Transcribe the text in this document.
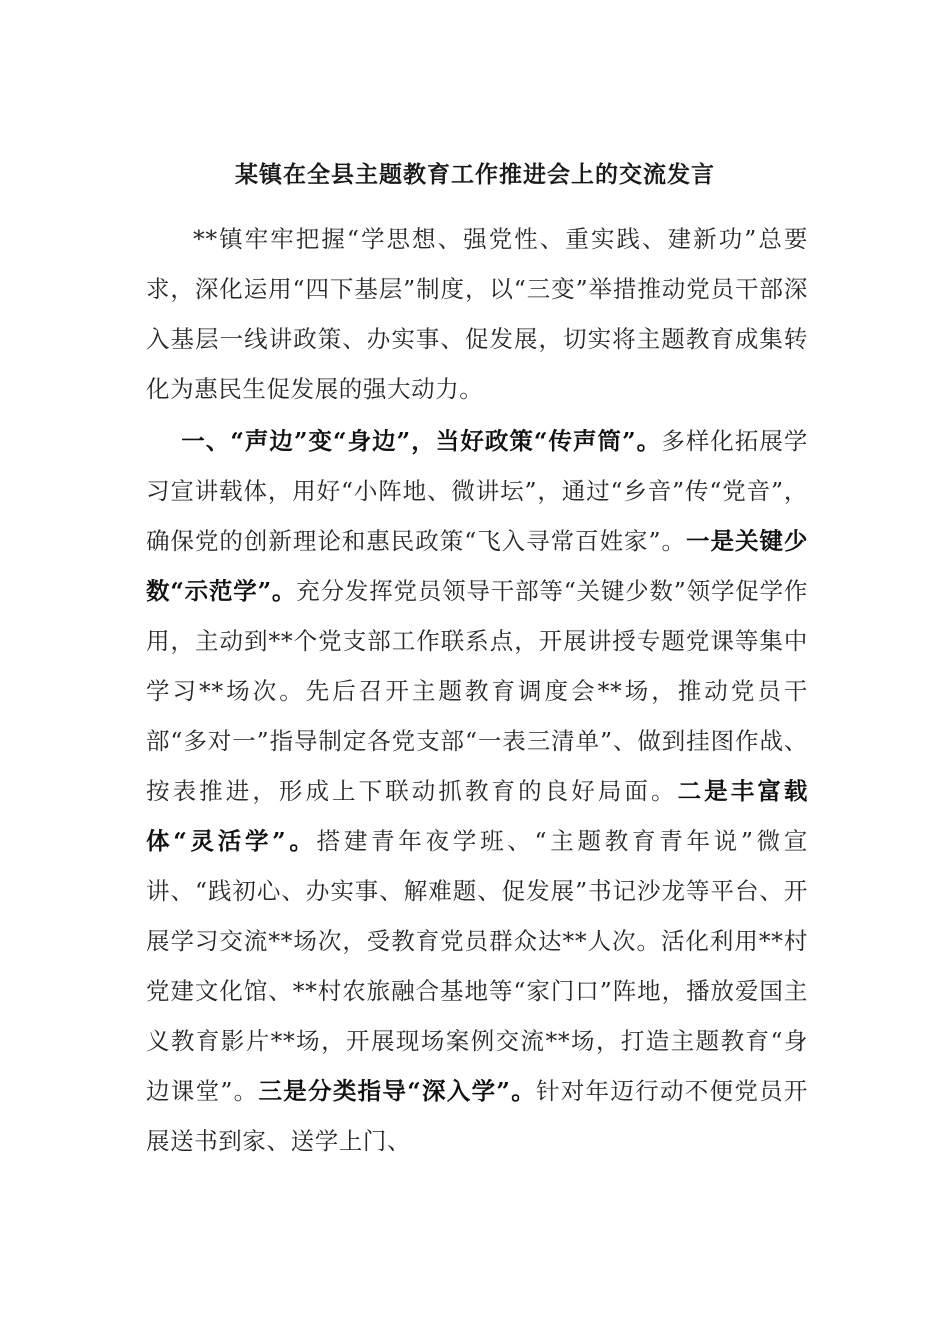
某镇在全县主题教育工作推进会上的交流发言

**镇牢牢把握“学思想、强党性、重实践、建新功”总要求，深化运用“四下基层”制度，以“三变”举措推动党员干部深入基层一线讲政策、办实事、促发展，切实将主题教育成集转化为惠民生促发展的强大动力。

一、“声边”变“身边”，当好政策“传声筒”。多样化拓展学习宣讲载体，用好“小阵地、微讲坛”，通过“乡音”传“党音”，确保党的创新理论和惠民政策“飞入寻常百姓家”。一是关键少数“示范学”。充分发挥党员领导干部等“关键少数”领学促学作用，主动到**个党支部工作联系点，开展讲授专题党课等集中学习**场次。先后召开主题教育调度会**场，推动党员干部“多对一”指导制定各党支部“一表三清单”、做到挂图作战、按表推进，形成上下联动抓教育的良好局面。二是丰富载体“灵活学”。搭建青年夜学班、“主题教育青年说”微宣讲、“践初心、办实事、解难题、促发展”书记沙龙等平台、开展学习交流**场次，受教育党员群众达**人次。活化利用**村党建文化馆、**村农旅融合基地等“家门口”阵地，播放爱国主义教育影片**场，开展现场案例交流**场，打造主题教育“身边课堂”。三是分类指导“深入学”。针对年迈行动不便党员开展送书到家、送学上门、
